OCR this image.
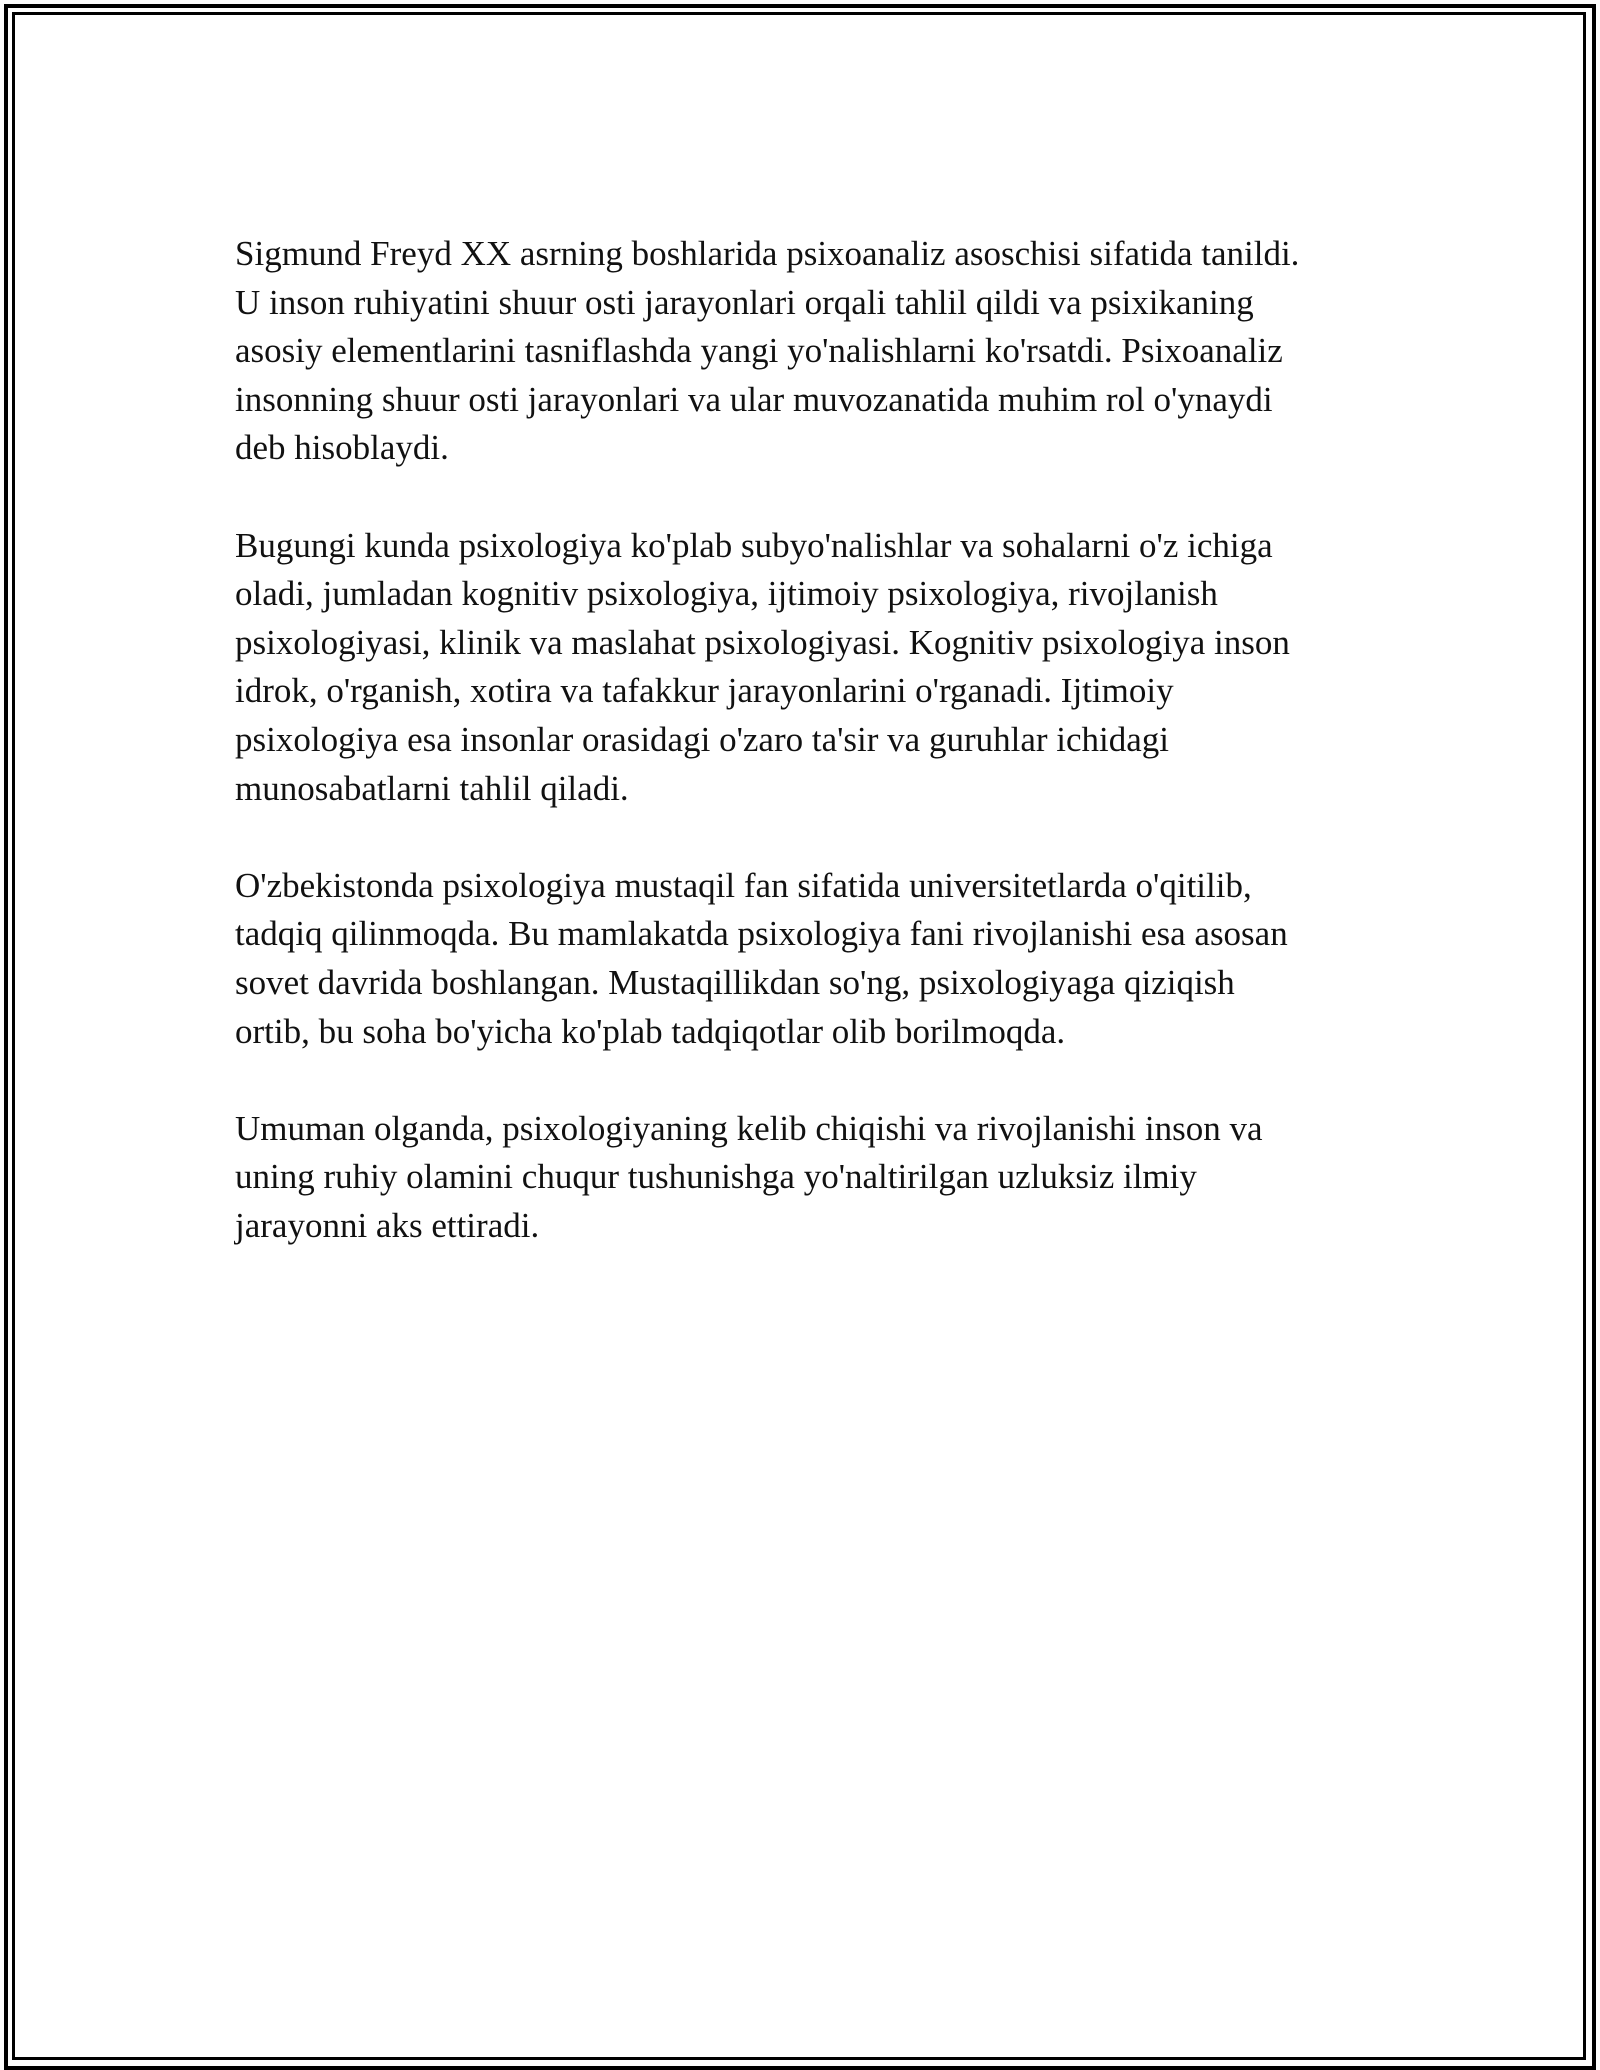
Sigmund Freyd XX asrning boshlarida psixoanaliz asoschisi sifatida tanildi.
U inson ruhiyatini shuur osti jarayonlari orqali tahlil qildi va psixikaning
asosiy elementlarini tasniflashda yangi yo'nalishlarni ko'rsatdi. Psixoanaliz
insonning shuur osti jarayonlari va ular muvozanatida muhim rol o'ynaydi
deb hisoblaydi.

Bugungi kunda psixologiya ko'plab subyo'nalishlar va sohalarni o'z ichiga
oladi, jumladan kognitiv psixologiya, ijtimoiy psixologiya, rivojlanish
psixologiyasi, klinik va maslahat psixologiyasi. Kognitiv psixologiya inson
idrok, o'rganish, xotira va tafakkur jarayonlarini o'rganadi. Ijtimoiy
psixologiya esa insonlar orasidagi o'zaro ta'sir va guruhlar ichidagi
munosabatlarni tahlil qiladi.

O'zbekistonda psixologiya mustaqil fan sifatida universitetlarda o'qitilib,
tadqiq qilinmoqda. Bu mamlakatda psixologiya fani rivojlanishi esa asosan
sovet davrida boshlangan. Mustaqillikdan so'ng, psixologiyaga qiziqish
ortib, bu soha bo'yicha ko'plab tadqiqotlar olib borilmoqda.

Umuman olganda, psixologiyaning kelib chiqishi va rivojlanishi inson va
uning ruhiy olamini chuqur tushunishga yo'naltirilgan uzluksiz ilmiy
jarayonni aks ettiradi.
